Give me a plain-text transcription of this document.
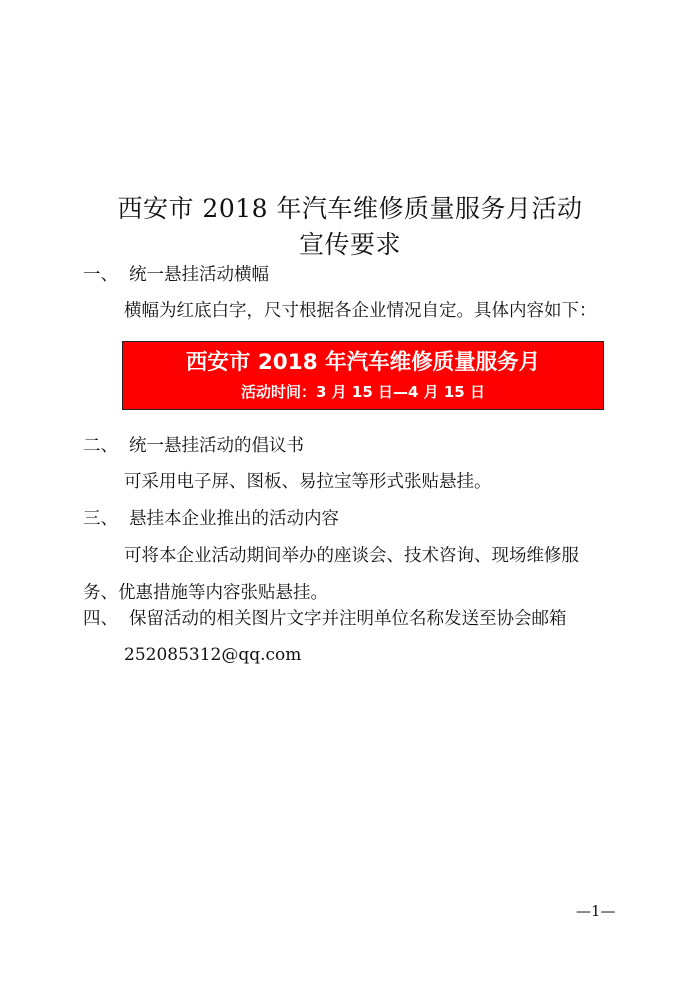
西安市 2018 年汽车维修质量服务月活动
宣传要求
一、 统一悬挂活动横幅
横幅为红底白字，尺寸根据各企业情况自定。具体内容如下：
西安市 2018 年汽车维修质量服务月
活动时间：3 月 15 日—4 月 15 日
二、 统一悬挂活动的倡议书
可采用电子屏、图板、易拉宝等形式张贴悬挂。
三、 悬挂本企业推出的活动内容
可将本企业活动期间举办的座谈会、技术咨询、现场维修服
务、优惠措施等内容张贴悬挂。
四、 保留活动的相关图片文字并注明单位名称发送至协会邮箱
252085312@qq.com
—1—
